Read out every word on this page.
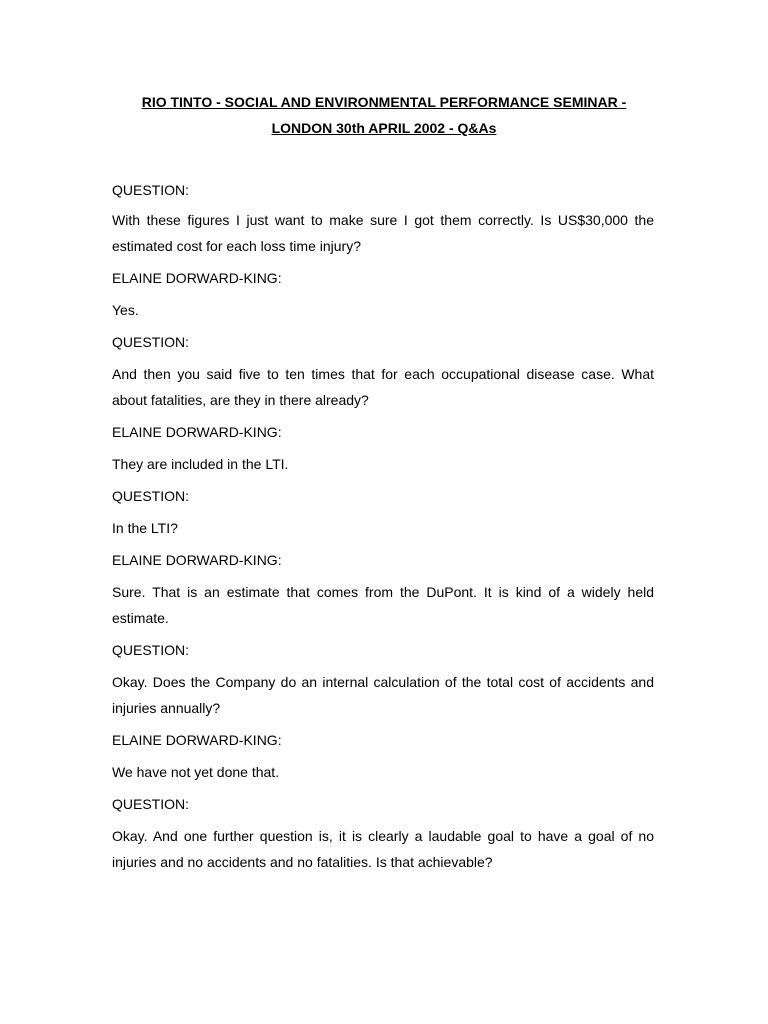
RIO TINTO - SOCIAL AND ENVIRONMENTAL PERFORMANCE SEMINAR -
LONDON 30th APRIL 2002 - Q&As

QUESTION:

With these figures I just want to make sure I got them correctly. Is US$30,000 the estimated cost for each loss time injury?

ELAINE DORWARD-KING:

Yes.

QUESTION:

And then you said five to ten times that for each occupational disease case. What about fatalities, are they in there already?

ELAINE DORWARD-KING:

They are included in the LTI.

QUESTION:

In the LTI?

ELAINE DORWARD-KING:

Sure. That is an estimate that comes from the DuPont. It is kind of a widely held estimate.

QUESTION:

Okay. Does the Company do an internal calculation of the total cost of accidents and injuries annually?

ELAINE DORWARD-KING:

We have not yet done that.

QUESTION:

Okay. And one further question is, it is clearly a laudable goal to have a goal of no injuries and no accidents and no fatalities. Is that achievable?
